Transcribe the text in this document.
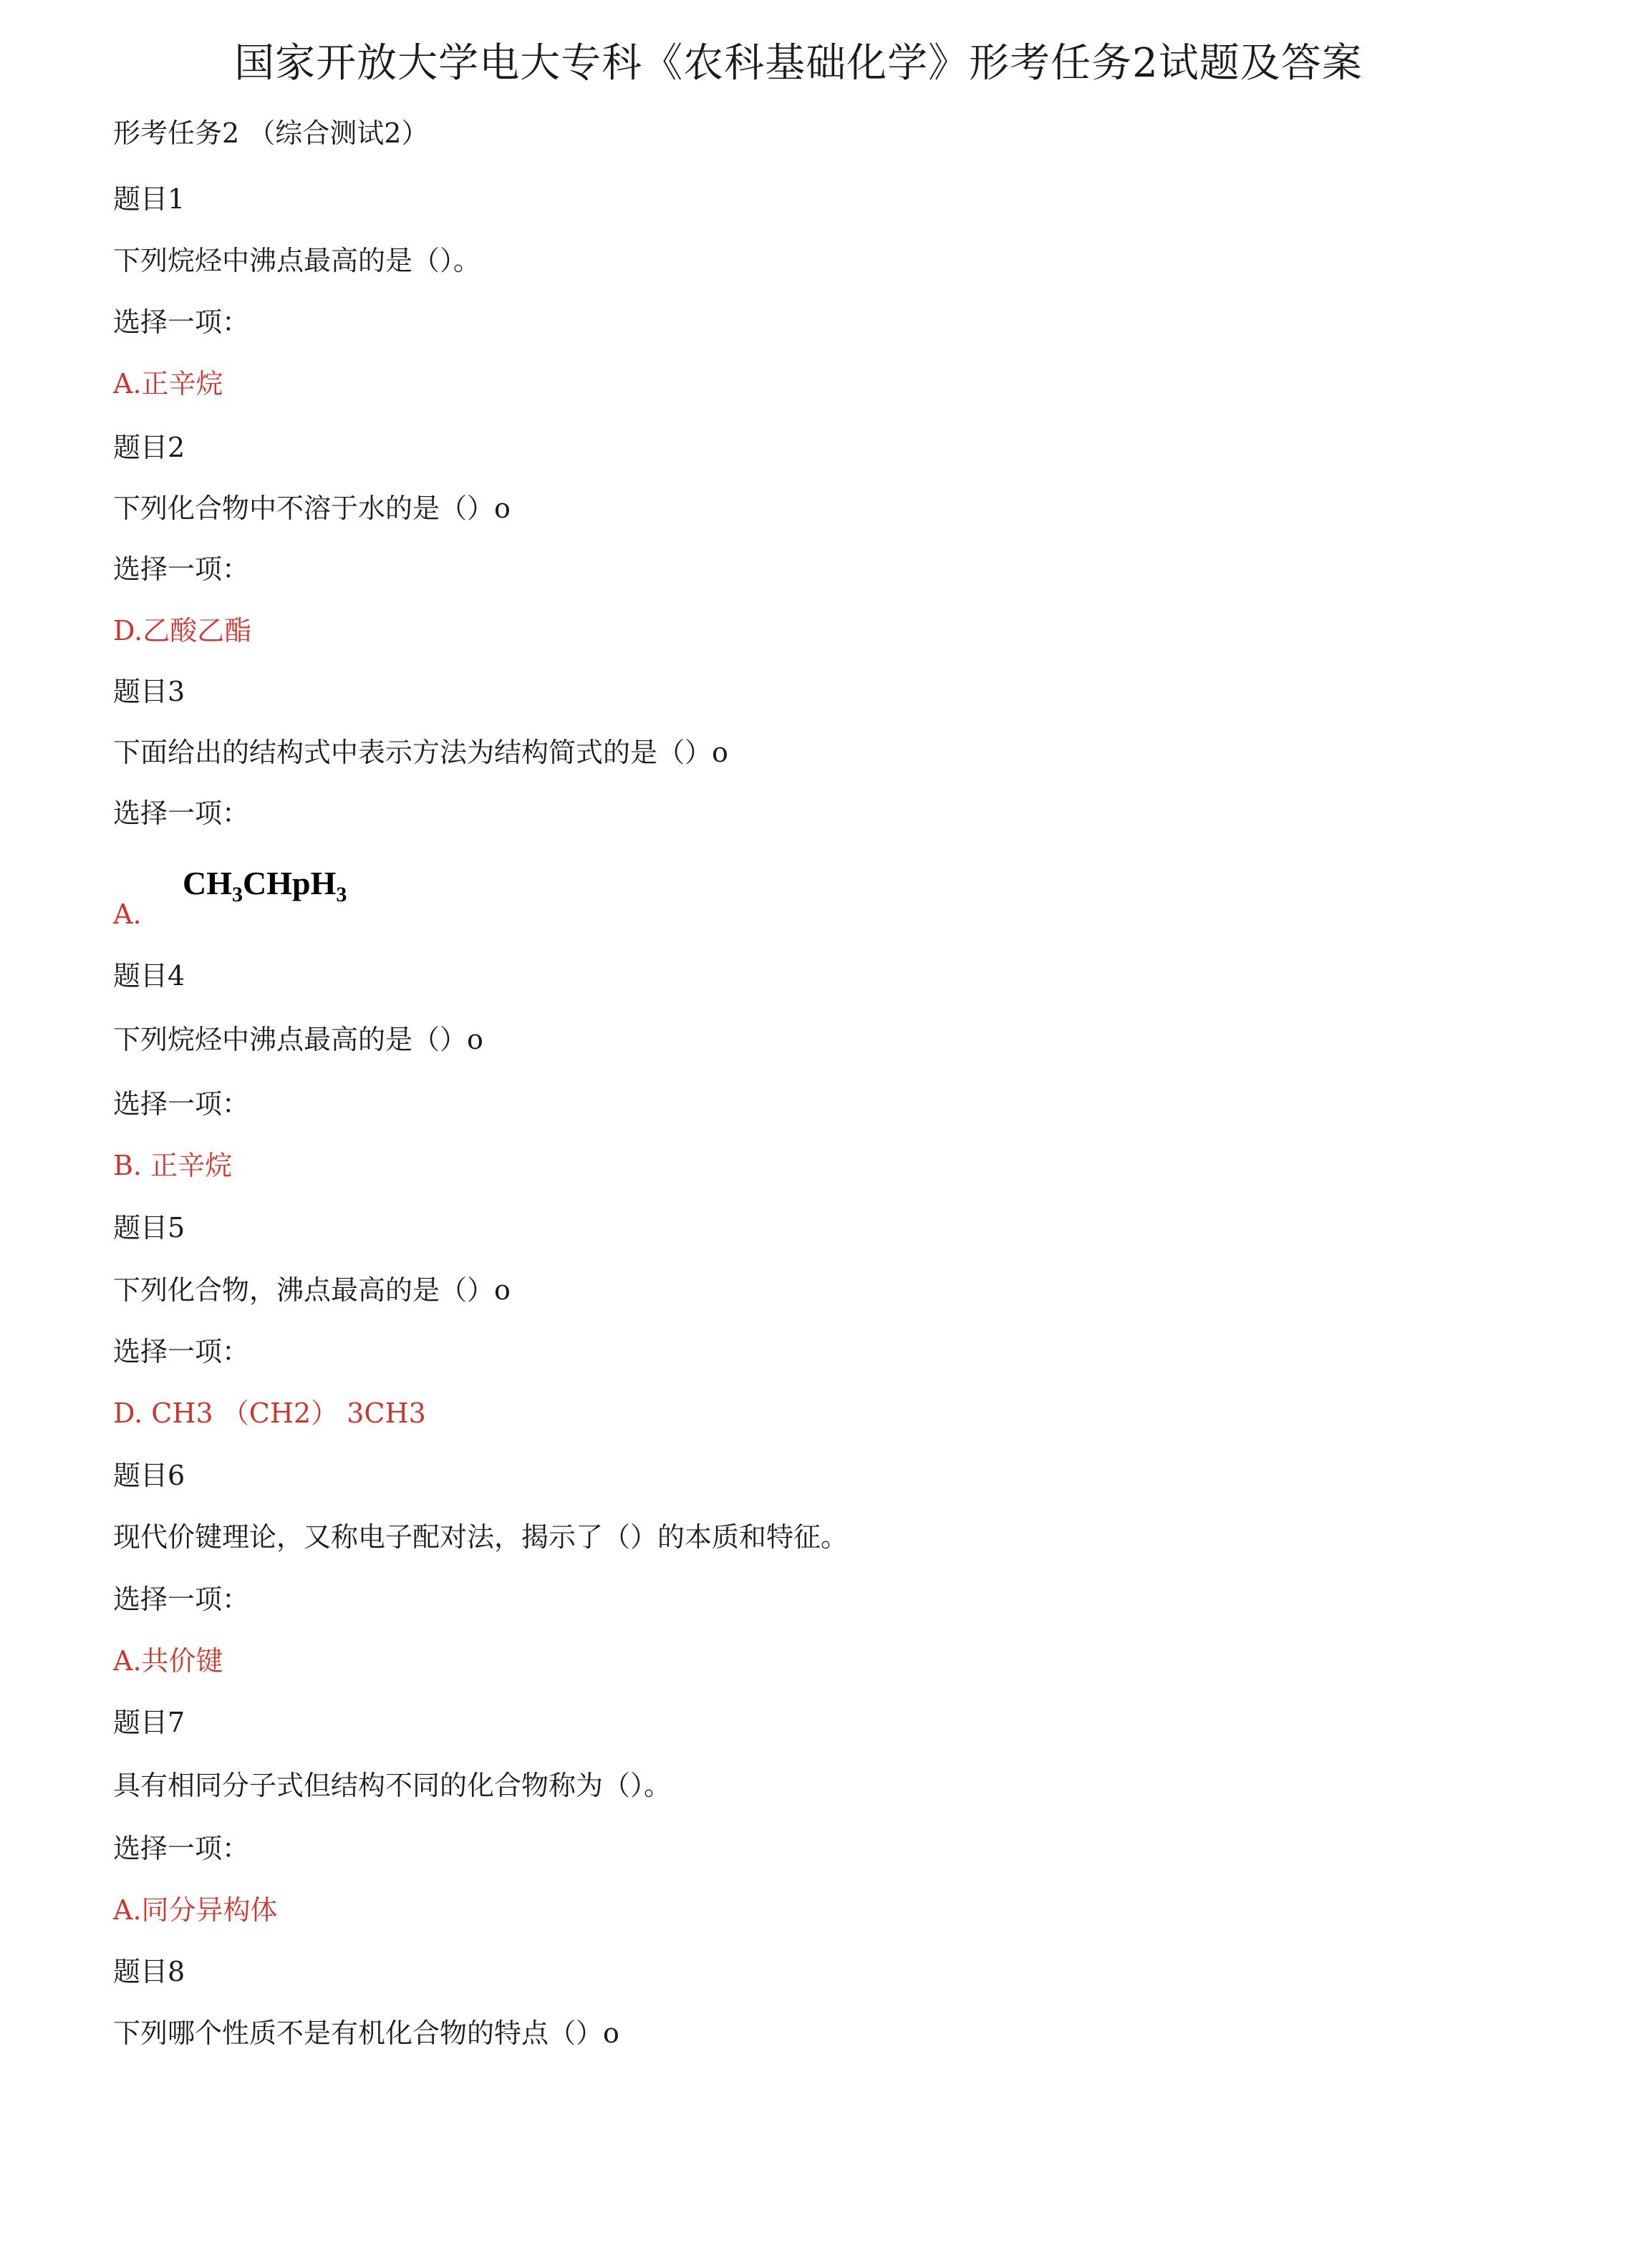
国家开放大学电大专科《农科基础化学》形考任务2试题及答案
形考任务2 （综合测试2）
题目1
下列烷烃中沸点最高的是（）。
选择一项：
A.正辛烷
题目2
下列化合物中不溶于水的是（）o
选择一项：
D.乙酸乙酯
题目3
下面给出的结构式中表示方法为结构简式的是（）o
选择一项：
$CH_3CHpH_3$
A.
题目4
下列烷烃中沸点最高的是（）o
选择一项：
B. 正辛烷
题目5
下列化合物，沸点最高的是（）o
选择一项：
D. CH3 （CH2） 3CH3
题目6
现代价键理论，又称电子配对法，揭示了（）的本质和特征。
选择一项：
A.共价键
题目7
具有相同分子式但结构不同的化合物称为（）。
选择一项：
A.同分异构体
题目8
下列哪个性质不是有机化合物的特点（）o
